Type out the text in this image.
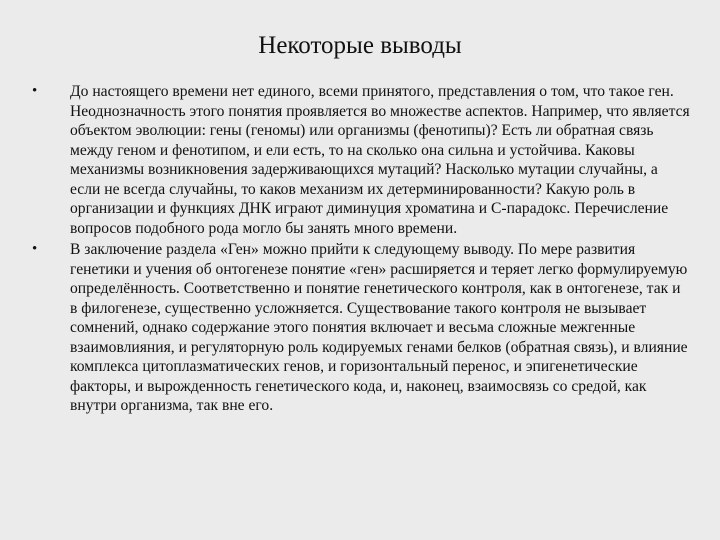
Некоторые выводы
• До настоящего времени нет единого, всеми принятого, представления о том, что такое ген. Неоднозначность этого понятия проявляется во множестве аспектов. Например, что является объектом эволюции: гены (геномы) или организмы (фенотипы)? Есть ли обратная связь между геном и фенотипом, и ели есть, то на сколько она сильна и устойчива. Каковы механизмы возникновения задерживающихся мутаций? Насколько мутации случайны, а если не всегда случайны, то каков механизм их детерминированности? Какую роль в организации и функциях ДНК играют диминуция хроматина и С-парадокс. Перечисление вопросов подобного рода могло бы занять много времени.
• В заключение раздела «Ген» можно прийти к следующему выводу. По мере развития генетики и учения об онтогенезе понятие «ген» расширяется и теряет легко формулируемую определённость. Соответственно и понятие генетического контроля, как в онтогенезе, так и в филогенезе, существенно усложняется. Существование такого контроля не вызывает сомнений, однако содержание этого понятия включает и весьма сложные межгенные взаимовлияния, и регуляторную роль кодируемых генами белков (обратная связь), и влияние комплекса цитоплазматических генов, и горизонтальный перенос, и эпигенетические факторы, и вырожденность генетического кода, и, наконец, взаимосвязь со средой, как внутри организма, так вне его.
